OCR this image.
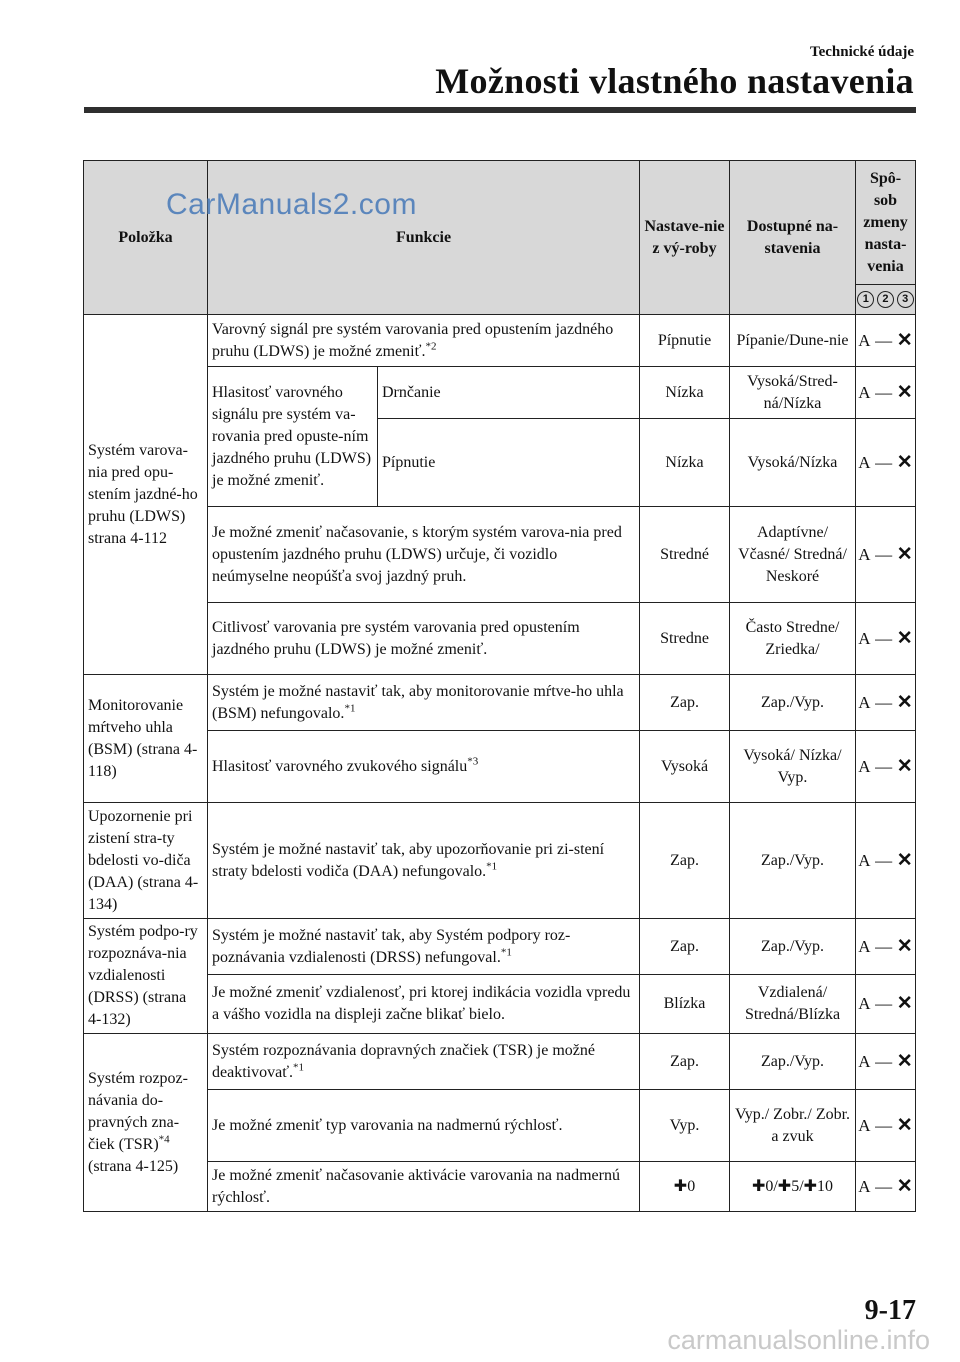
Technické údaje
Možnosti vlastného nastavenia
Položka	Funkcie		Nastave-nie z vý-roby	Dostupné na-stavenia	Spô-sob zmeny nasta-venia

					1 2 3

Systém varova-nia pred opu-stením jazdné-ho pruhu (LDWS) strana 4-112	Varovný signál pre systém varovania pred opustením jazdného pruhu (LDWS) je možné zmeniť.$^{*2}$		Pípnutie	Pípanie/Dune-nie	A — ✕

	Hlasitosť varovného signálu pre systém va-rovania pred opuste-ním jazdného pruhu (LDWS) je možné zmeniť.	Drnčanie	Nízka	Vysoká/Stred-ná/Nízka	A — ✕

		Pípnutie	Nízka	Vysoká/Nízka	A — ✕

	Je možné zmeniť načasovanie, s ktorým systém varova-nia pred opustením jazdného pruhu (LDWS) určuje, či vozidlo neúmyselne neopúšťa svoj jazdný pruh.		Stredné	Adaptívne/ Včasné/ Stredná/ Neskoré	A — ✕

	Citlivosť varovania pre systém varovania pred opustením jazdného pruhu (LDWS) je možné zmeniť.		Stredne	Často Stredne/ Zriedka/	A — ✕

Monitorovanie mŕtveho uhla (BSM) (strana 4-118)	Systém je možné nastaviť tak, aby monitorovanie mŕtve-ho uhla (BSM) nefungovalo.$^{*1}$		Zap.	Zap./Vyp.	A — ✕

	Hlasitosť varovného zvukového signálu$^{*3}$		Vysoká	Vysoká/ Nízka/ Vyp.	A — ✕

Upozornenie pri zistení stra-ty bdelosti vo-diča (DAA) (strana 4-134)	Systém je možné nastaviť tak, aby upozorňovanie pri zi-stení straty bdelosti vodiča (DAA) nefungovalo.$^{*1}$		Zap.	Zap./Vyp.	A — ✕

Systém podpo-ry rozpoznáva-nia vzdialenosti (DRSS) (strana 4-132)	Systém je možné nastaviť tak, aby Systém podpory roz-poznávania vzdialenosti (DRSS) nefungoval.$^{*1}$		Zap.	Zap./Vyp.	A — ✕

	Je možné zmeniť vzdialenosť, pri ktorej indikácia vozidla vpredu a vášho vozidla na displeji začne blikať bielo.		Blízka	Vzdialená/ Stredná/Blízka	A — ✕

Systém rozpoz-návania do-pravných zna-čiek (TSR)$^{*4}$ (strana 4-125)	Systém rozpoznávania dopravných značiek (TSR) je možné deaktivovať.$^{*1}$		Zap.	Zap./Vyp.	A — ✕

	Je možné zmeniť typ varovania na nadmernú rýchlosť.		Vyp.	Vyp./ Zobr./ Zobr. a zvuk	A — ✕

	Je možné zmeniť načasovanie aktivácie varovania na nadmernú rýchlosť.		✚0	✚0/✚5/✚10	A — ✕
CarManuals2.com
9-17
carmanualsonline.info
